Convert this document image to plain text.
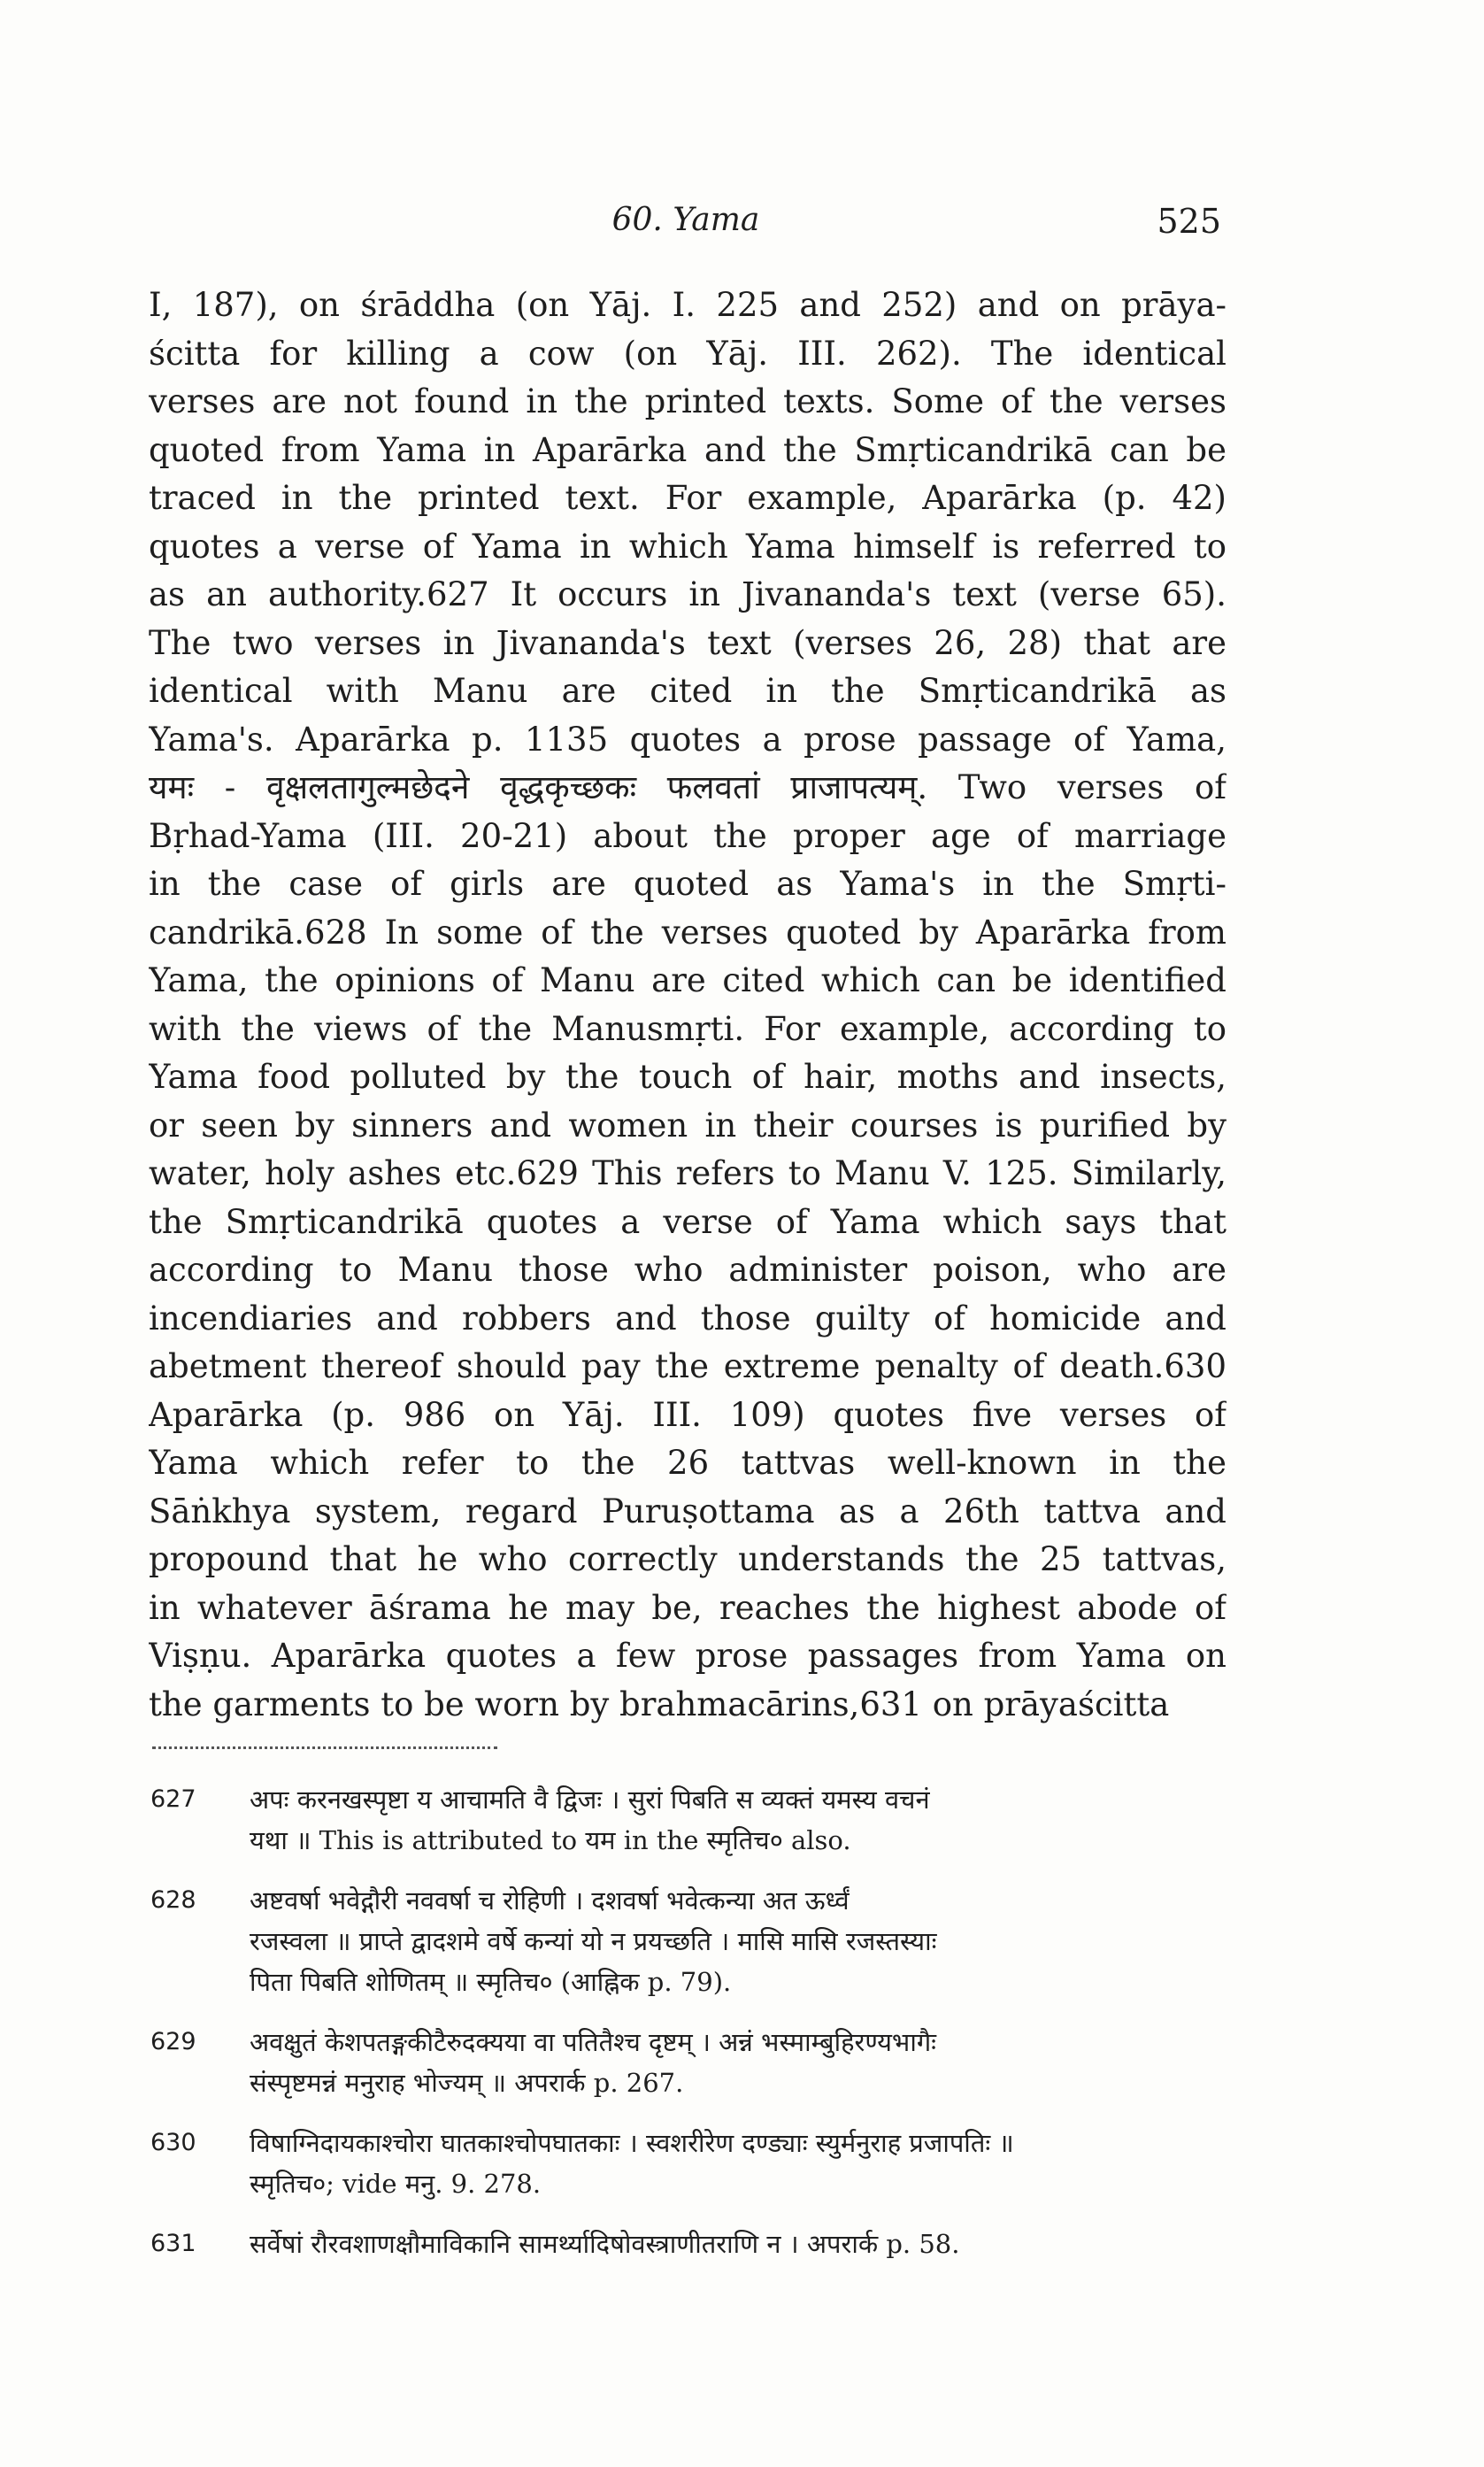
60. Yama	525
I, 187), on śrāddha (on Yāj. I. 225 and 252) and on prāya-
ścitta for killing a cow (on Yāj. III. 262). The identical
verses are not found in the printed texts. Some of the verses
quoted from Yama in Aparārka and the Smṛticandrikā can be
traced in the printed text. For example, Aparārka (p. 42)
quotes a verse of Yama in which Yama himself is referred to
as an authority.627 It occurs in Jivananda's text (verse 65).
The two verses in Jivananda's text (verses 26, 28) that are
identical with Manu are cited in the Smṛticandrikā as
Yama's. Aparārka p. 1135 quotes a prose passage of Yama,
यमः - वृक्षलतागुल्मछेदने वृद्धकृच्छकः फलवतां प्राजापत्यम्. Two verses of
Bṛhad-Yama (III. 20-21) about the proper age of marriage
in the case of girls are quoted as Yama's in the Smṛti-
candrikā.628 In some of the verses quoted by Aparārka from
Yama, the opinions of Manu are cited which can be identified
with the views of the Manusmṛti. For example, according to
Yama food polluted by the touch of hair, moths and insects,
or seen by sinners and women in their courses is purified by
water, holy ashes etc.629 This refers to Manu V. 125. Similarly,
the Smṛticandrikā quotes a verse of Yama which says that
according to Manu those who administer poison, who are
incendiaries and robbers and those guilty of homicide and
abetment thereof should pay the extreme penalty of death.630
Aparārka (p. 986 on Yāj. III. 109) quotes five verses of
Yama which refer to the 26 tattvas well-known in the
Sāṅkhya system, regard Puruṣottama as a 26th tattva and
propound that he who correctly understands the 25 tattvas,
in whatever āśrama he may be, reaches the highest abode of
Viṣṇu. Aparārka quotes a few prose passages from Yama on
the garments to be worn by brahmacārins,631 on prāyaścitta
627 अपः करनखस्पृष्टा य आचामति वै द्विजः । सुरां पिबति स व्यक्तं यमस्य वचनं
यथा ॥ This is attributed to यम in the स्मृतिच० also.
628 अष्टवर्षा भवेद्गौरी नववर्षा च रोहिणी । दशवर्षा भवेत्कन्या अत ऊर्ध्वं
रजस्वला ॥ प्राप्ते द्वादशमे वर्षे कन्यां यो न प्रयच्छति । मासि मासि रजस्तस्याः
पिता पिबति शोणितम् ॥ स्मृतिच० (आह्निक p. 79).
629 अवक्षुतं केशपतङ्गकीटैरुदक्यया वा पतितैश्च दृष्टम् । अन्नं भस्माम्बुहिरण्यभागैः
संस्पृष्टमन्नं मनुराह भोज्यम् ॥ अपरार्क p. 267.
630 विषाग्निदायकाश्चोरा घातकाश्चोपघातकाः । स्वशरीरेण दण्ड्याः स्युर्मनुराह प्रजापतिः ॥
स्मृतिच०; vide मनु. 9. 278.
631 सर्वेषां रौरवशाणक्षौमाविकानि सामर्थ्यादिषोवस्त्राणीतराणि न । अपरार्क p. 58.
